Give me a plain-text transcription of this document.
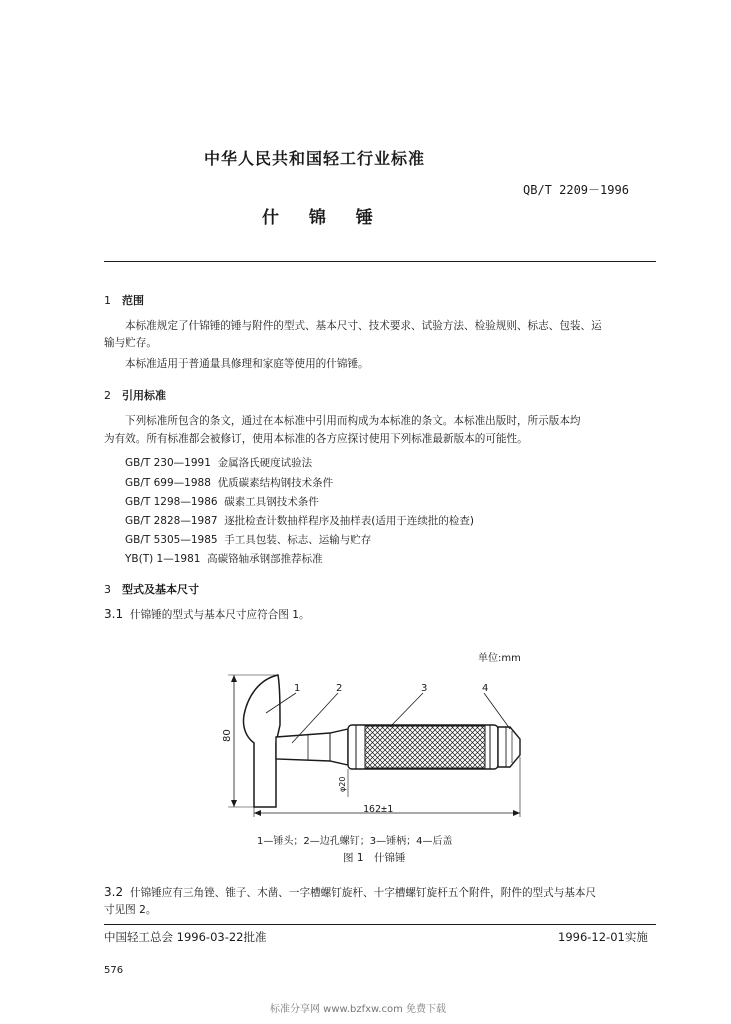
中华人民共和国轻工行业标准
QB/T 2209－1996
什 锦 锤
1 范围
本标准规定了什锦锤的锤与附件的型式、基本尺寸、技术要求、试验方法、检验规则、标志、包装、运
输与贮存。
本标准适用于普通量具修理和家庭等使用的什锦锤。
2 引用标准
下列标准所包含的条文，通过在本标准中引用而构成为本标准的条文。本标准出版时，所示版本均
为有效。所有标准都会被修订，使用本标准的各方应探讨使用下列标准最新版本的可能性。
GB/T 230—1991 金属洛氏硬度试验法
GB/T 699—1988 优质碳素结构钢技术条件
GB/T 1298—1986 碳素工具钢技术条件
GB/T 2828—1987 逐批检查计数抽样程序及抽样表(适用于连续批的检查)
GB/T 5305—1985 手工具包装、标志、运输与贮存
YB(T) 1—1981 高碳铬轴承钢部推荐标准
3 型式及基本尺寸
3.1 什锦锤的型式与基本尺寸应符合图 1。
单位:mm
1	2	3	4
80
φ20
162±1
1—锤头；2—边孔螺钉；3—锤柄；4—后盖
图 1　什锦锤
3.2 什锦锤应有三角锉、锥子、木凿、一字槽螺钉旋杆、十字槽螺钉旋杆五个附件，附件的型式与基本尺
寸见图 2。
中国轻工总会 1996-03-22批准	1996-12-01实施
576
标准分享网 www.bzfxw.com 免费下载
